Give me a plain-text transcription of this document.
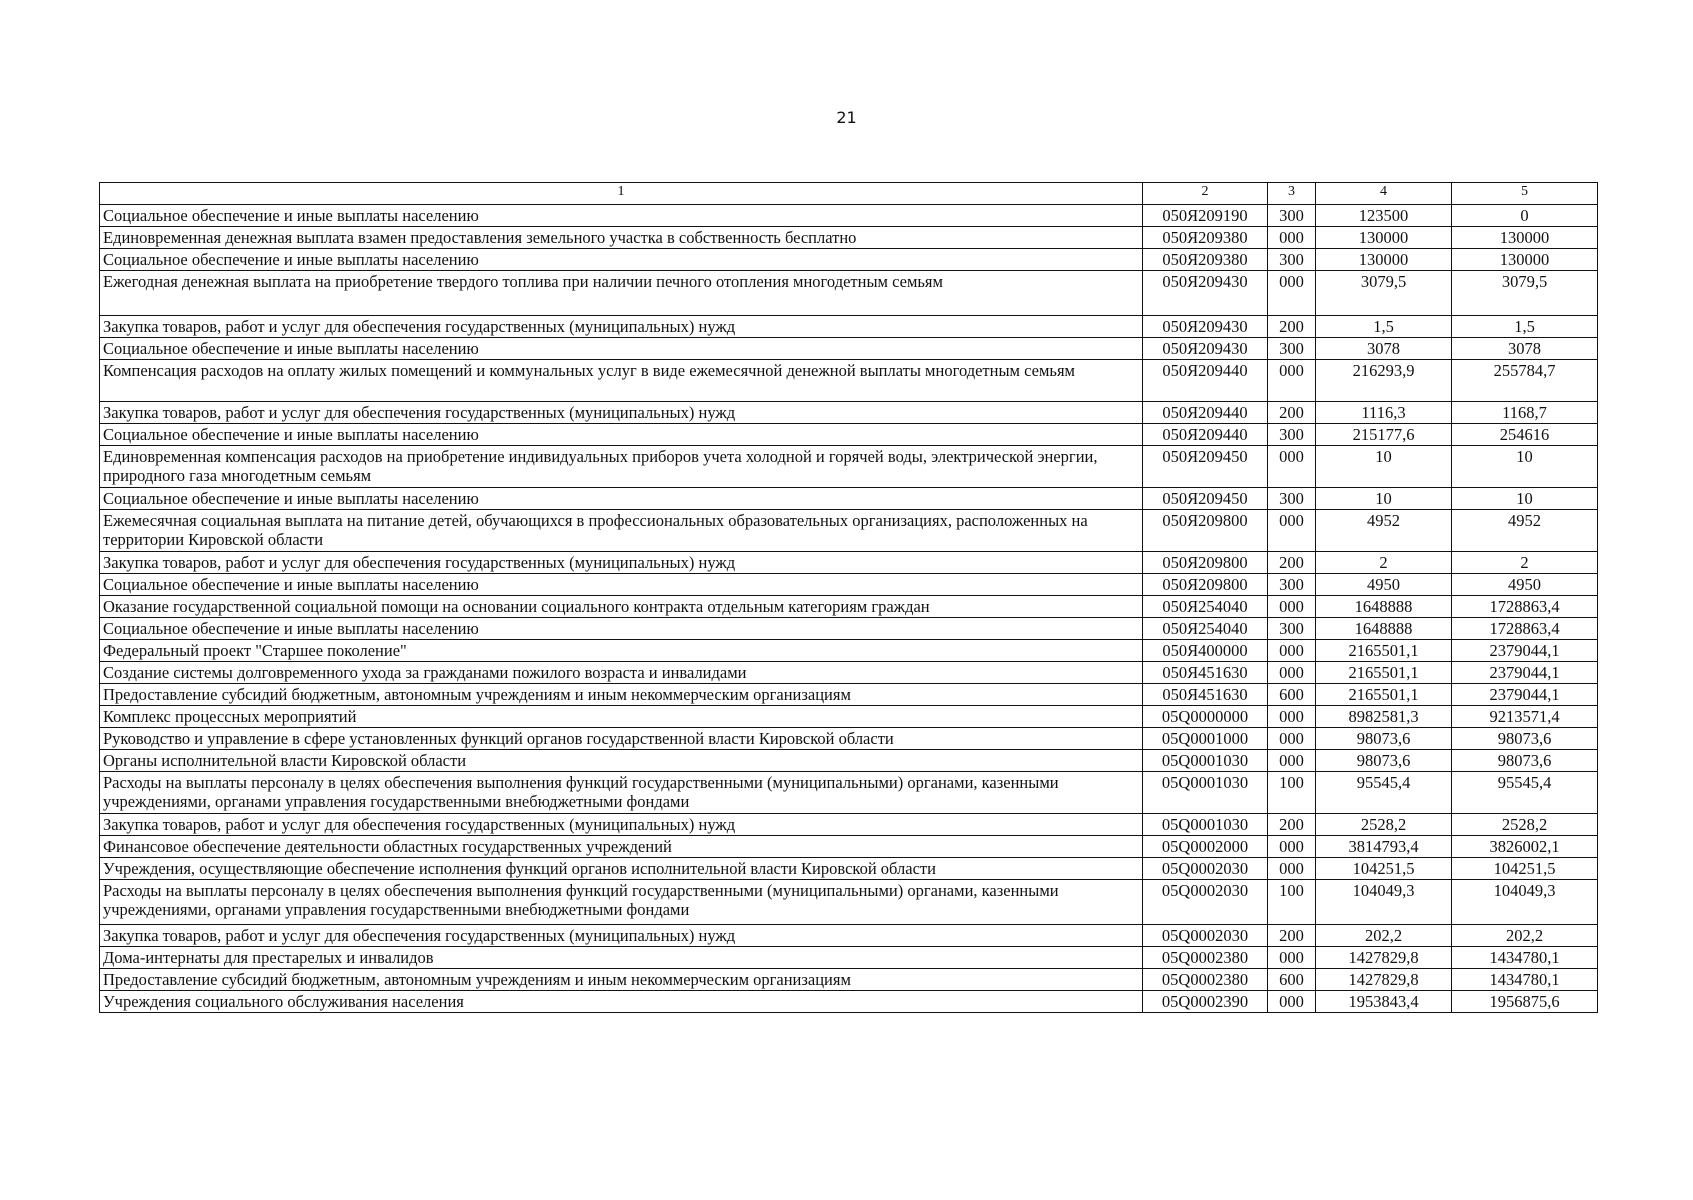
21
1	2	3	4	5
Социальное обеспечение и иные выплаты населению	050Я209190	300	123500	0
Единовременная денежная выплата взамен предоставления земельного участка в собственность бесплатно	050Я209380	000	130000	130000
Социальное обеспечение и иные выплаты населению	050Я209380	300	130000	130000
Ежегодная денежная выплата на приобретение твердого топлива при наличии печного отопления многодетным семьям	050Я209430	000	3079,5	3079,5
Закупка товаров, работ и услуг для обеспечения государственных (муниципальных) нужд	050Я209430	200	1,5	1,5
Социальное обеспечение и иные выплаты населению	050Я209430	300	3078	3078
Компенсация расходов на оплату жилых помещений и коммунальных услуг в виде ежемесячной денежной выплаты многодетным семьям	050Я209440	000	216293,9	255784,7
Закупка товаров, работ и услуг для обеспечения государственных (муниципальных) нужд	050Я209440	200	1116,3	1168,7
Социальное обеспечение и иные выплаты населению	050Я209440	300	215177,6	254616
Единовременная компенсация расходов на приобретение индивидуальных приборов учета холодной и горячей воды, электрической энергии, природного газа многодетным семьям	050Я209450	000	10	10
Социальное обеспечение и иные выплаты населению	050Я209450	300	10	10
Ежемесячная социальная выплата на питание детей, обучающихся в профессиональных образовательных организациях, расположенных на территории Кировской области	050Я209800	000	4952	4952
Закупка товаров, работ и услуг для обеспечения государственных (муниципальных) нужд	050Я209800	200	2	2
Социальное обеспечение и иные выплаты населению	050Я209800	300	4950	4950
Оказание государственной социальной помощи на основании социального контракта отдельным категориям граждан	050Я254040	000	1648888	1728863,4
Социальное обеспечение и иные выплаты населению	050Я254040	300	1648888	1728863,4
Федеральный проект "Старшее поколение"	050Я400000	000	2165501,1	2379044,1
Создание системы долговременного ухода за гражданами пожилого возраста и инвалидами	050Я451630	000	2165501,1	2379044,1
Предоставление субсидий бюджетным, автономным учреждениям и иным некоммерческим организациям	050Я451630	600	2165501,1	2379044,1
Комплекс процессных мероприятий	05Q0000000	000	8982581,3	9213571,4
Руководство и управление в сфере установленных функций органов государственной власти Кировской области	05Q0001000	000	98073,6	98073,6
Органы исполнительной власти Кировской области	05Q0001030	000	98073,6	98073,6
Расходы на выплаты персоналу в целях обеспечения выполнения функций государственными (муниципальными) органами, казенными учреждениями, органами управления государственными внебюджетными фондами	05Q0001030	100	95545,4	95545,4
Закупка товаров, работ и услуг для обеспечения государственных (муниципальных) нужд	05Q0001030	200	2528,2	2528,2
Финансовое обеспечение деятельности областных государственных учреждений	05Q0002000	000	3814793,4	3826002,1
Учреждения, осуществляющие обеспечение исполнения функций органов исполнительной власти Кировской области	05Q0002030	000	104251,5	104251,5
Расходы на выплаты персоналу в целях обеспечения выполнения функций государственными (муниципальными) органами, казенными учреждениями, органами управления государственными внебюджетными фондами	05Q0002030	100	104049,3	104049,3
Закупка товаров, работ и услуг для обеспечения государственных (муниципальных) нужд	05Q0002030	200	202,2	202,2
Дома-интернаты для престарелых и инвалидов	05Q0002380	000	1427829,8	1434780,1
Предоставление субсидий бюджетным, автономным учреждениям и иным некоммерческим организациям	05Q0002380	600	1427829,8	1434780,1
Учреждения социального обслуживания населения	05Q0002390	000	1953843,4	1956875,6
